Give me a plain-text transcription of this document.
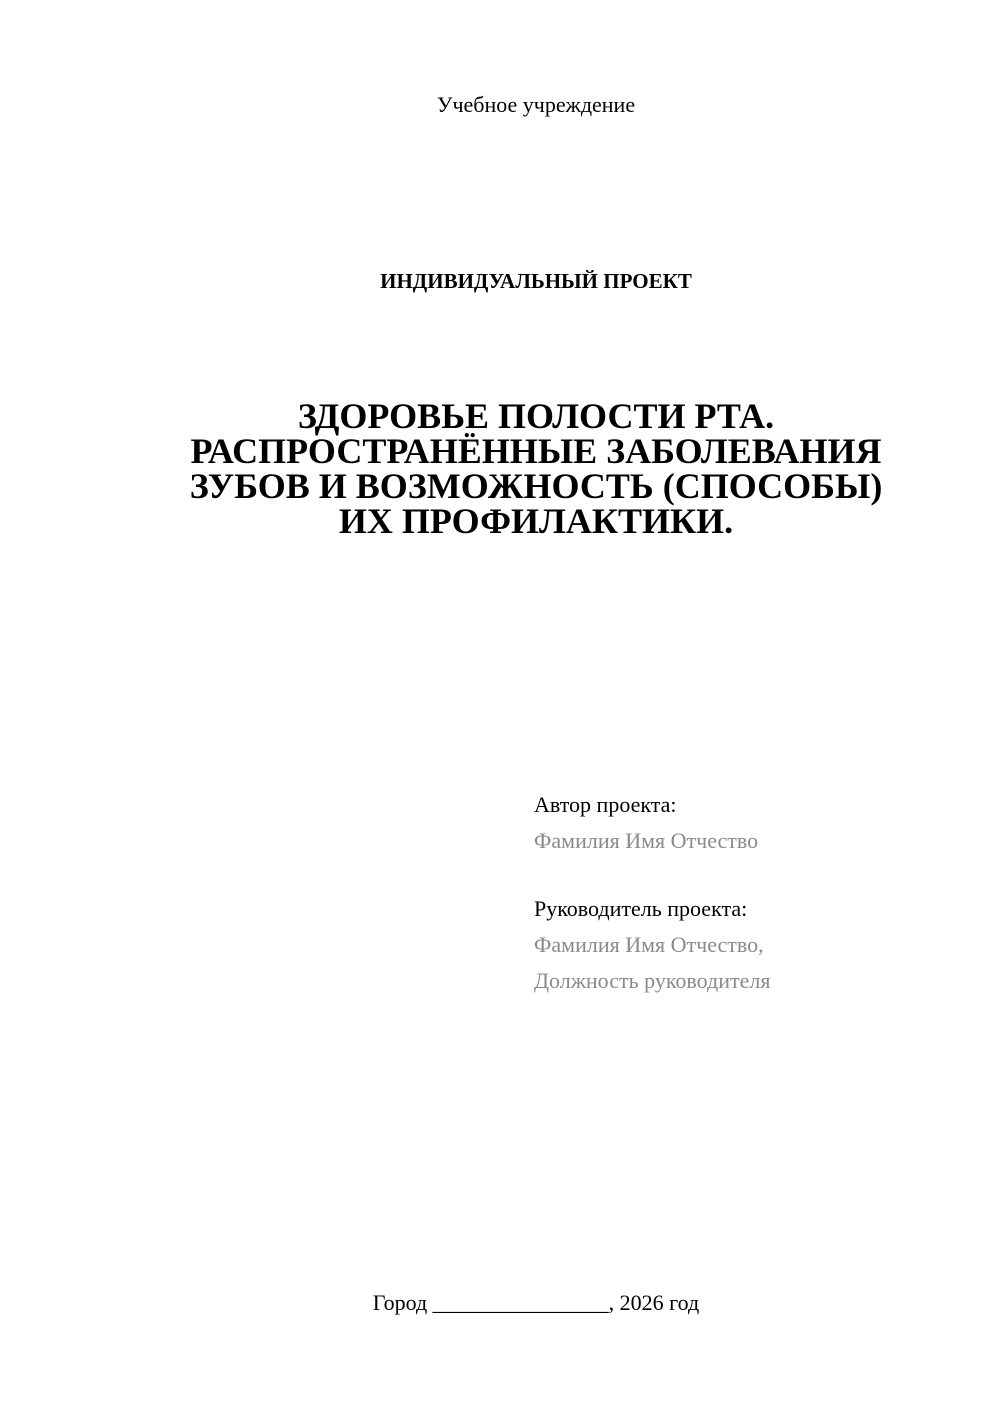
Учебное учреждение
ИНДИВИДУАЛЬНЫЙ ПРОЕКТ
ЗДОРОВЬЕ ПОЛОСТИ РТА.
РАСПРОСТРАНЁННЫЕ ЗАБОЛЕВАНИЯ
ЗУБОВ И ВОЗМОЖНОСТЬ (СПОСОБЫ)
ИХ ПРОФИЛАКТИКИ.
Автор проекта:
Фамилия Имя Отчество
Руководитель проекта:
Фамилия Имя Отчество,
Должность руководителя
Город ________________, 2026 год
